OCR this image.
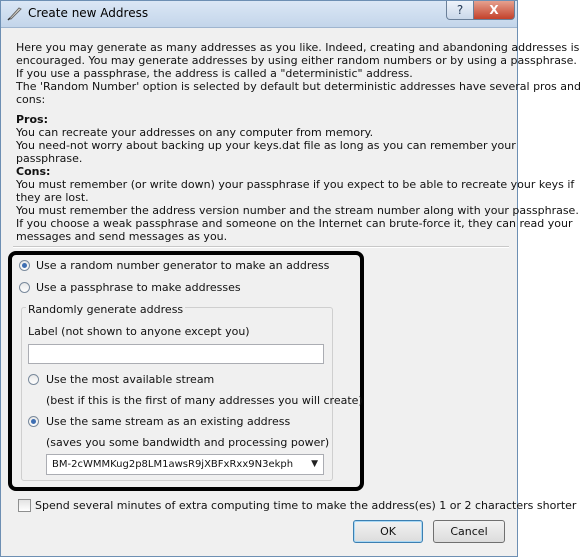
Create new Address	?	X

Here you may generate as many addresses as you like. Indeed, creating and abandoning addresses is

encouraged. You may generate addresses by using either random numbers or by using a passphrase.

If you use a passphrase, the address is called a "deterministic" address.

The 'Random Number' option is selected by default but deterministic addresses have several pros and

cons:

Pros:

You can recreate your addresses on any computer from memory.

You need-not worry about backing up your keys.dat file as long as you can remember your

passphrase.

Cons:

You must remember (or write down) your passphrase if you expect to be able to recreate your keys if

they are lost.

You must remember the address version number and the stream number along with your passphrase.

If you choose a weak passphrase and someone on the Internet can brute-force it, they can read your

messages and send messages as you.

Use a random number generator to make an address
Use a passphrase to make addresses
Randomly generate address
Label (not shown to anyone except you)
Use the most available stream
(best if this is the first of many addresses you will create)
Use the same stream as an existing address
(saves you some bandwidth and processing power)
BM-2cWMMKug2p8LM1awsR9jXBFxRxx9N3ekph ▼
Spend several minutes of extra computing time to make the address(es) 1 or 2 characters shorter
OK	Cancel
